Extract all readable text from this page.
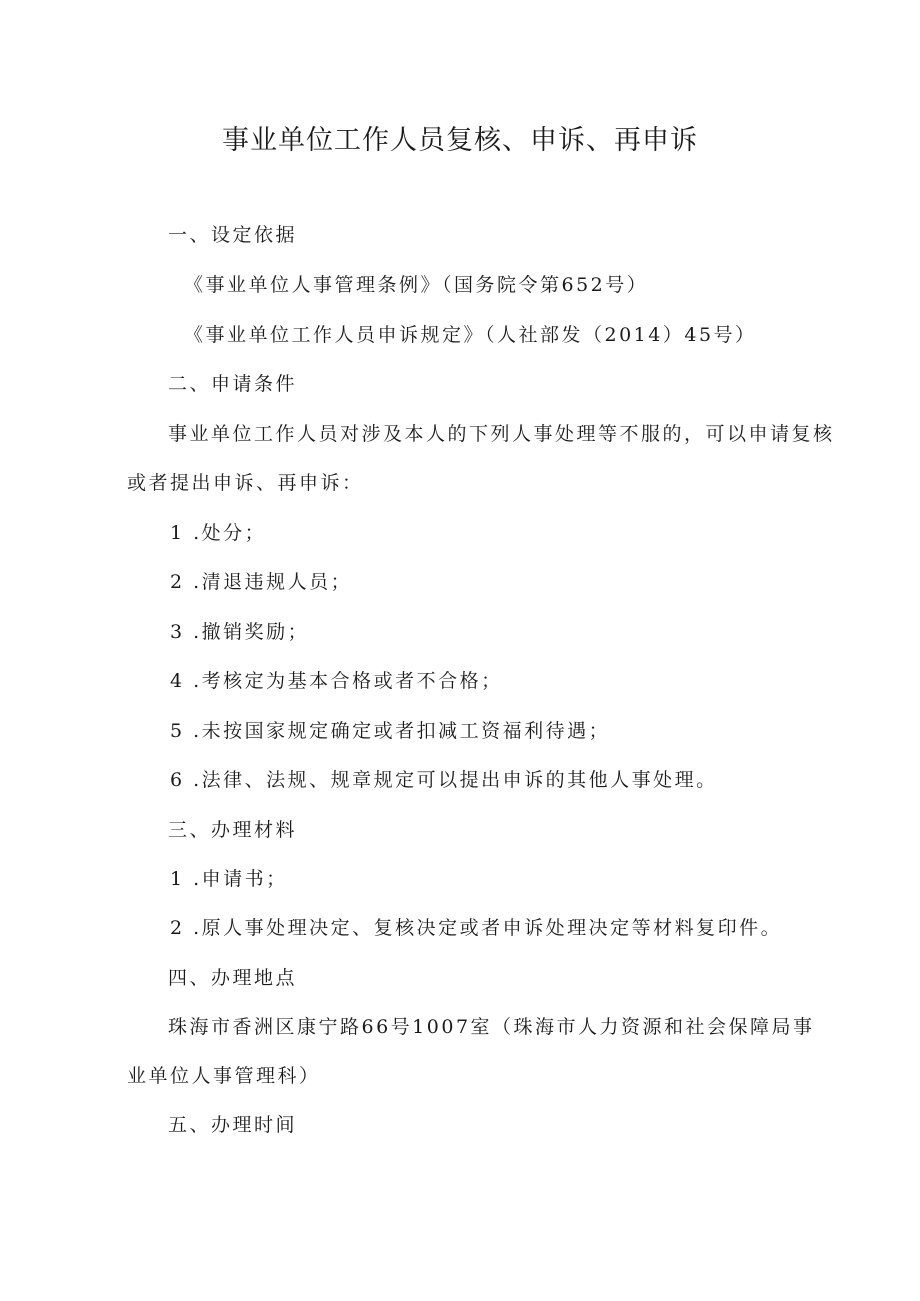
事业单位工作人员复核、申诉、再申诉
一、设定依据
《事业单位人事管理条例》（国务院令第652号）
《事业单位工作人员申诉规定》（人社部发（2014）45号）
二、申请条件
事业单位工作人员对涉及本人的下列人事处理等不服的，可以申请复核
或者提出申诉、再申诉：
1 .处分；
2 .清退违规人员；
3 .撤销奖励；
4 .考核定为基本合格或者不合格；
5 .未按国家规定确定或者扣减工资福利待遇；
6 .法律、法规、规章规定可以提出申诉的其他人事处理。
三、办理材料
1 .申请书；
2 .原人事处理决定、复核决定或者申诉处理决定等材料复印件。
四、办理地点
珠海市香洲区康宁路66号1007室（珠海市人力资源和社会保障局事
业单位人事管理科）
五、办理时间
